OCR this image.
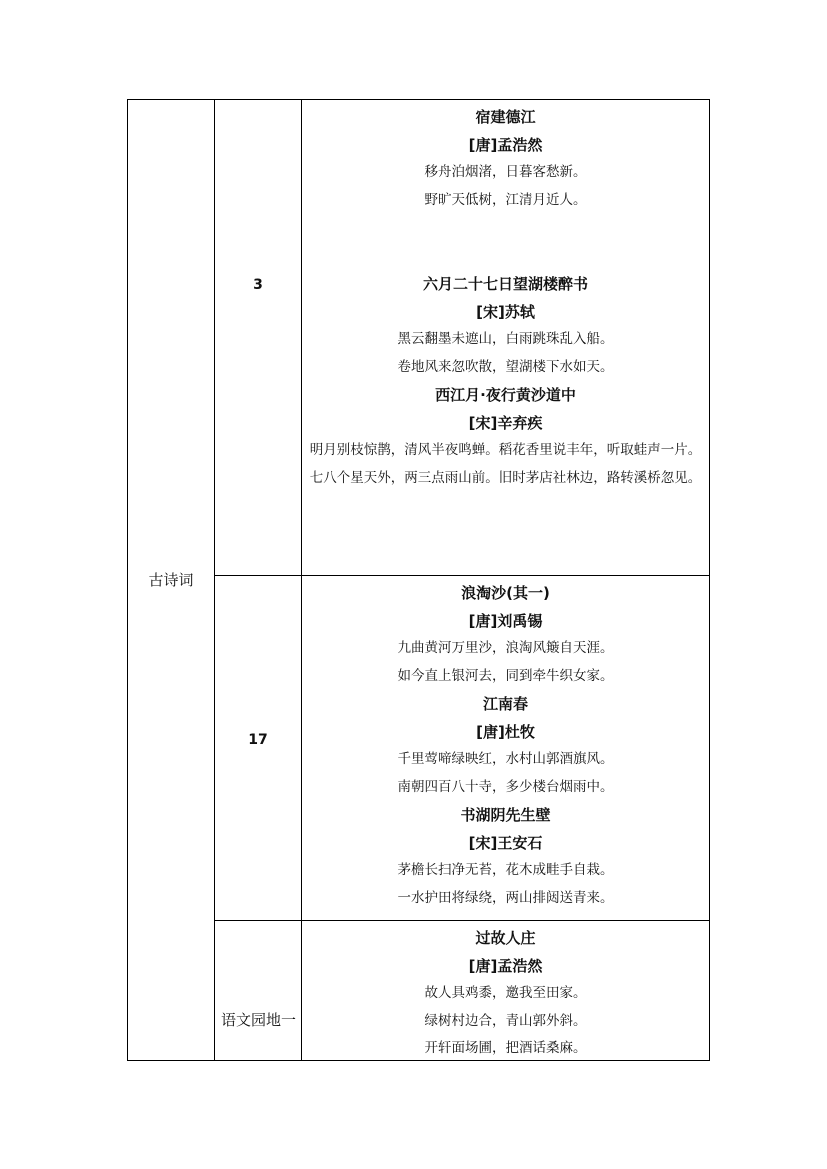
古诗词
3
17
语文园地一
宿建德江
[唐]孟浩然
移舟泊烟渚，日暮客愁新。
野旷天低树，江清月近人。
六月二十七日望湖楼醉书
[宋]苏轼
黑云翻墨未遮山，白雨跳珠乱入船。
卷地风来忽吹散，望湖楼下水如天。
西江月·夜行黄沙道中
[宋]辛弃疾
明月别枝惊鹊，清风半夜鸣蝉。稻花香里说丰年，听取蛙声一片。
七八个星天外，两三点雨山前。旧时茅店社林边，路转溪桥忽见。
浪淘沙(其一)
[唐]刘禹锡
九曲黄河万里沙，浪淘风簸自天涯。
如今直上银河去，同到牵牛织女家。
江南春
[唐]杜牧
千里莺啼绿映红，水村山郭酒旗风。
南朝四百八十寺，多少楼台烟雨中。
书湖阴先生壁
[宋]王安石
茅檐长扫净无苔，花木成畦手自栽。
一水护田将绿绕，两山排闼送青来。
过故人庄
[唐]孟浩然
故人具鸡黍，邀我至田家。
绿树村边合，青山郭外斜。
开轩面场圃，把酒话桑麻。
